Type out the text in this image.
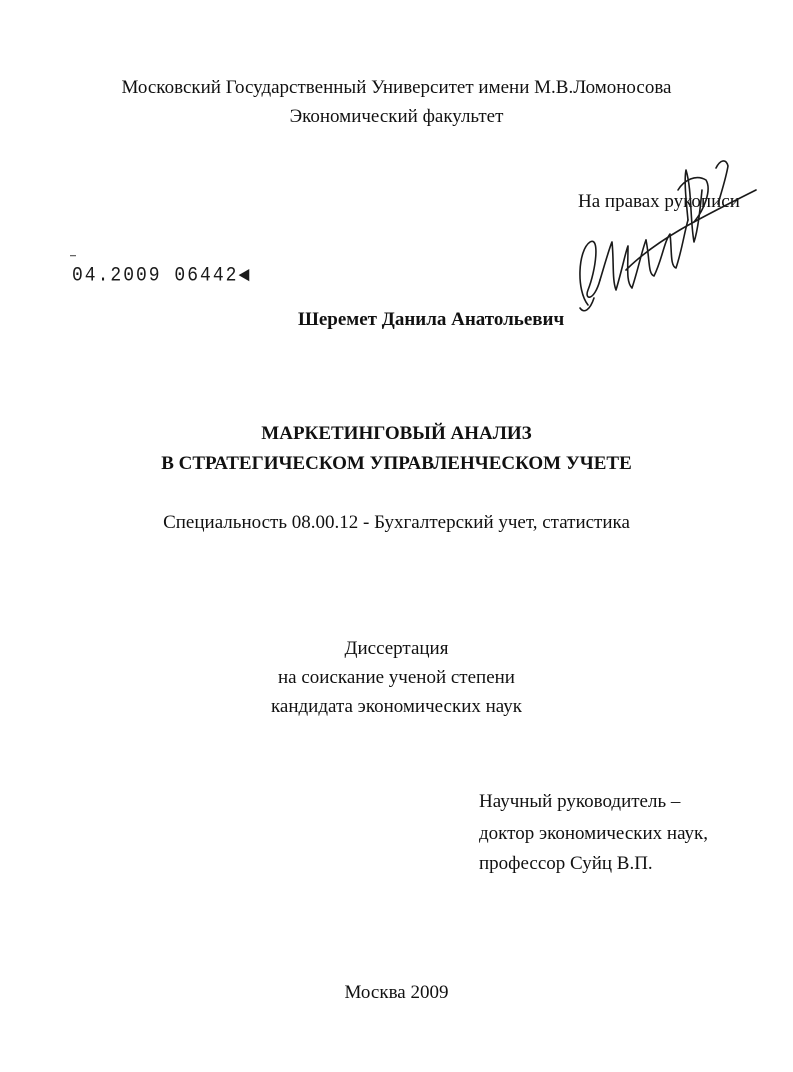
Московский Государственный Университет имени М.В.Ломоносова
Экономический факультет
На правах рукописи
04.2009 06442◀
Шеремет Данила Анатольевич
МАРКЕТИНГОВЫЙ АНАЛИЗ
В СТРАТЕГИЧЕСКОМ УПРАВЛЕНЧЕСКОМ УЧЕТЕ
Специальность 08.00.12 - Бухгалтерский учет, статистика
Диссертация
на соискание ученой степени
кандидата экономических наук
Научный руководитель –
доктор экономических наук,
профессор Суйц В.П.
Москва 2009
